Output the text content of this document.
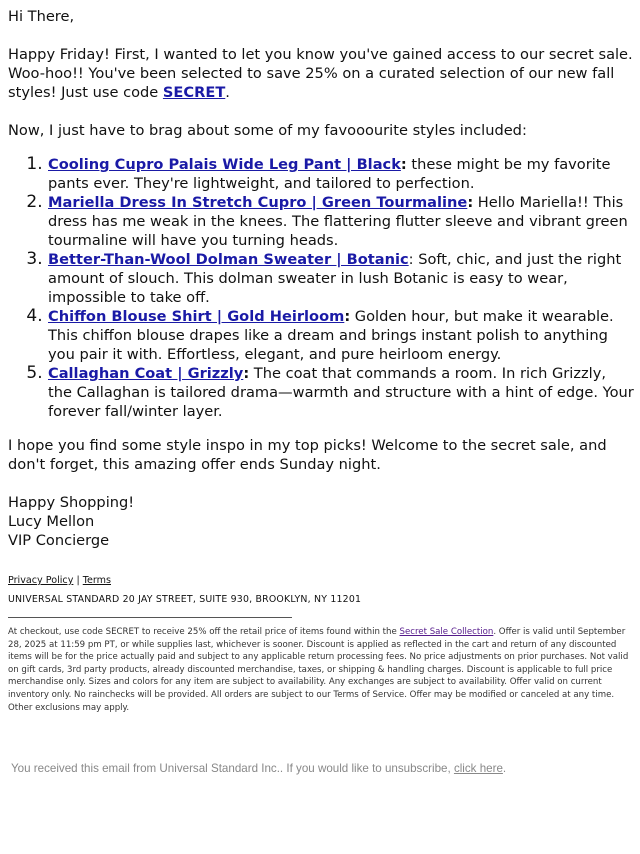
Hi There,

Happy Friday! First, I wanted to let you know you've gained access to our secret sale. Woo-hoo!! You've been selected to save 25% on a curated selection of our new fall styles! Just use code SECRET.

Now, I just have to brag about some of my favooourite styles included:

1. Cooling Cupro Palais Wide Leg Pant | Black: these might be my favorite pants ever. They're lightweight, and tailored to perfection.
2. Mariella Dress In Stretch Cupro | Green Tourmaline: Hello Mariella!! This dress has me weak in the knees. The flattering flutter sleeve and vibrant green tourmaline will have you turning heads.
3. Better-Than-Wool Dolman Sweater | Botanic: Soft, chic, and just the right amount of slouch. This dolman sweater in lush Botanic is easy to wear, impossible to take off.
4. Chiffon Blouse Shirt | Gold Heirloom: Golden hour, but make it wearable. This chiffon blouse drapes like a dream and brings instant polish to anything you pair it with. Effortless, elegant, and pure heirloom energy.
5. Callaghan Coat | Grizzly: The coat that commands a room. In rich Grizzly, the Callaghan is tailored drama—warmth and structure with a hint of edge. Your forever fall/winter layer.

I hope you find some style inspo in my top picks! Welcome to the secret sale, and don't forget, this amazing offer ends Sunday night.

Happy Shopping!

Lucy Mellon

VIP Concierge

Privacy Policy | Terms

UNIVERSAL STANDARD 20 JAY STREET, SUITE 930, BROOKLYN, NY 11201

At checkout, use code SECRET to receive 25% off the retail price of items found within the Secret Sale Collection. Offer is valid until September 28, 2025 at 11:59 pm PT, or while supplies last, whichever is sooner. Discount is applied as reflected in the cart and return of any discounted items will be for the price actually paid and subject to any applicable return processing fees. No price adjustments on prior purchases. Not valid on gift cards, 3rd party products, already discounted merchandise, taxes, or shipping & handling charges. Discount is applicable to full price merchandise only. Sizes and colors for any item are subject to availability. Any exchanges are subject to availability. Offer valid on current inventory only. No rainchecks will be provided. All orders are subject to our Terms of Service. Offer may be modified or canceled at any time. Other exclusions may apply.

You received this email from Universal Standard Inc.. If you would like to unsubscribe, click here.
